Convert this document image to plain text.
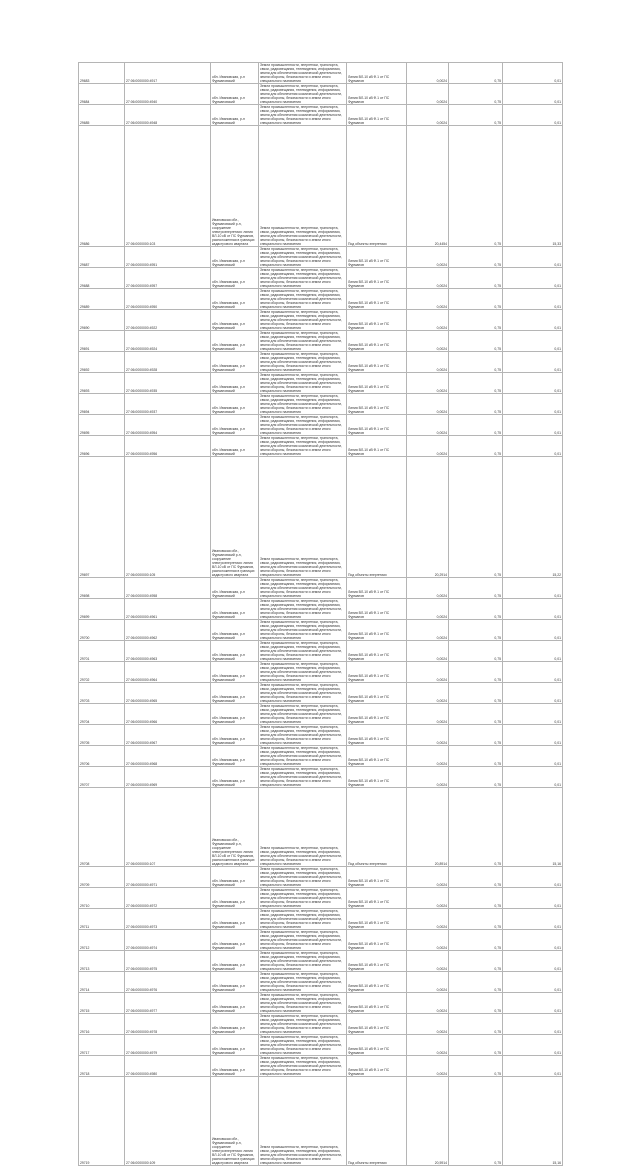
29683	27:06:0000000:4917	обл. Ивановская, р-н Фурмановский	Земли промышленности, энергетики, транспорта, связи, радиовещания, телевидения, информатики, земли для обеспечения космической деятельности, земли обороны, безопасности и земли иного специального назначения	Линия ВЛ-10 кВ Ф.1 от ПС Фурманов	0,0024	0,75	0,01
29684	27:06:0000000:4940	обл. Ивановская, р-н Фурмановский	Земли промышленности, энергетики, транспорта, связи, радиовещания, телевидения, информатики, земли для обеспечения космической деятельности, земли обороны, безопасности и земли иного специального назначения	Линия ВЛ-10 кВ Ф.1 от ПС Фурманов	0,0024	0,75	0,01
29685	27:06:0000000:4948	обл. Ивановская, р-н Фурмановский	Земли промышленности, энергетики, транспорта, связи, радиовещания, телевидения, информатики, земли для обеспечения космической деятельности, земли обороны, безопасности и земли иного специального назначения	Линия ВЛ-10 кВ Ф.1 от ПС Фурманов	0,0024	0,75	0,01
29686	27:06:0000000:103	Ивановская обл., Фурмановский р-н, сооружение электроэнергетики: линия ВЛ-10 кВ от ПС Фурманов, расположенная в границах кадастрового квартала	Земли промышленности, энергетики, транспорта, связи, радиовещания, телевидения, информатики, земли для обеспечения космической деятельности, земли обороны, безопасности и земли иного специального назначения	Под объекты энергетики	20,4454	0,75	15,33
29687	27:06:0000000:4951	обл. Ивановская, р-н Фурмановский	Земли промышленности, энергетики, транспорта, связи, радиовещания, телевидения, информатики, земли для обеспечения космической деятельности, земли обороны, безопасности и земли иного специального назначения	Линия ВЛ-10 кВ Ф.1 от ПС Фурманов	0,0024	0,75	0,01
29688	27:06:0000000:4957	обл. Ивановская, р-н Фурмановский	Земли промышленности, энергетики, транспорта, связи, радиовещания, телевидения, информатики, земли для обеспечения космической деятельности, земли обороны, безопасности и земли иного специального назначения	Линия ВЛ-10 кВ Ф.1 от ПС Фурманов	0,0024	0,75	0,01
29689	27:06:0000000:4950	обл. Ивановская, р-н Фурмановский	Земли промышленности, энергетики, транспорта, связи, радиовещания, телевидения, информатики, земли для обеспечения космической деятельности, земли обороны, безопасности и земли иного специального назначения	Линия ВЛ-10 кВ Ф.1 от ПС Фурманов	0,0024	0,75	0,01
29690	27:06:0000000:4922	обл. Ивановская, р-н Фурмановский	Земли промышленности, энергетики, транспорта, связи, радиовещания, телевидения, информатики, земли для обеспечения космической деятельности, земли обороны, безопасности и земли иного специального назначения	Линия ВЛ-10 кВ Ф.1 от ПС Фурманов	0,0024	0,75	0,01
29691	27:06:0000000:4924	обл. Ивановская, р-н Фурмановский	Земли промышленности, энергетики, транспорта, связи, радиовещания, телевидения, информатики, земли для обеспечения космической деятельности, земли обороны, безопасности и земли иного специального назначения	Линия ВЛ-10 кВ Ф.1 от ПС Фурманов	0,0024	0,75	0,01
29692	27:06:0000000:4928	обл. Ивановская, р-н Фурмановский	Земли промышленности, энергетики, транспорта, связи, радиовещания, телевидения, информатики, земли для обеспечения космической деятельности, земли обороны, безопасности и земли иного специального назначения	Линия ВЛ-10 кВ Ф.1 от ПС Фурманов	0,0024	0,75	0,01
29693	27:06:0000000:4935	обл. Ивановская, р-н Фурмановский	Земли промышленности, энергетики, транспорта, связи, радиовещания, телевидения, информатики, земли для обеспечения космической деятельности, земли обороны, безопасности и земли иного специального назначения	Линия ВЛ-10 кВ Ф.1 от ПС Фурманов	0,0024	0,75	0,01
29694	27:06:0000000:4937	обл. Ивановская, р-н Фурмановский	Земли промышленности, энергетики, транспорта, связи, радиовещания, телевидения, информатики, земли для обеспечения космической деятельности, земли обороны, безопасности и земли иного специального назначения	Линия ВЛ-10 кВ Ф.1 от ПС Фурманов	0,0024	0,75	0,01
29695	27:06:0000000:4954	обл. Ивановская, р-н Фурмановский	Земли промышленности, энергетики, транспорта, связи, радиовещания, телевидения, информатики, земли для обеспечения космической деятельности, земли обороны, безопасности и земли иного специального назначения	Линия ВЛ-10 кВ Ф.1 от ПС Фурманов	0,0024	0,75	0,01
29696	27:06:0000000:4956	обл. Ивановская, р-н Фурмановский	Земли промышленности, энергетики, транспорта, связи, радиовещания, телевидения, информатики, земли для обеспечения космической деятельности, земли обороны, безопасности и земли иного специального назначения	Линия ВЛ-10 кВ Ф.1 от ПС Фурманов	0,0024	0,75	0,01
29697	27:06:0000000:105	Ивановская обл., Фурмановский р-н, сооружение электроэнергетики: линия ВЛ-10 кВ от ПС Фурманов, расположенная в границах кадастрового квартала	Земли промышленности, энергетики, транспорта, связи, радиовещания, телевидения, информатики, земли для обеспечения космической деятельности, земли обороны, безопасности и земли иного специального назначения	Под объекты энергетики	20,2914	0,75	15,22
29698	27:06:0000000:4958	обл. Ивановская, р-н Фурмановский	Земли промышленности, энергетики, транспорта, связи, радиовещания, телевидения, информатики, земли для обеспечения космической деятельности, земли обороны, безопасности и земли иного специального назначения	Линия ВЛ-10 кВ Ф.1 от ПС Фурманов	0,0024	0,75	0,01
29699	27:06:0000000:4961	обл. Ивановская, р-н Фурмановский	Земли промышленности, энергетики, транспорта, связи, радиовещания, телевидения, информатики, земли для обеспечения космической деятельности, земли обороны, безопасности и земли иного специального назначения	Линия ВЛ-10 кВ Ф.1 от ПС Фурманов	0,0024	0,75	0,01
29700	27:06:0000000:4962	обл. Ивановская, р-н Фурмановский	Земли промышленности, энергетики, транспорта, связи, радиовещания, телевидения, информатики, земли для обеспечения космической деятельности, земли обороны, безопасности и земли иного специального назначения	Линия ВЛ-10 кВ Ф.1 от ПС Фурманов	0,0024	0,75	0,01
29701	27:06:0000000:4963	обл. Ивановская, р-н Фурмановский	Земли промышленности, энергетики, транспорта, связи, радиовещания, телевидения, информатики, земли для обеспечения космической деятельности, земли обороны, безопасности и земли иного специального назначения	Линия ВЛ-10 кВ Ф.1 от ПС Фурманов	0,0024	0,75	0,01
29702	27:06:0000000:4964	обл. Ивановская, р-н Фурмановский	Земли промышленности, энергетики, транспорта, связи, радиовещания, телевидения, информатики, земли для обеспечения космической деятельности, земли обороны, безопасности и земли иного специального назначения	Линия ВЛ-10 кВ Ф.1 от ПС Фурманов	0,0024	0,75	0,01
29703	27:06:0000000:4965	обл. Ивановская, р-н Фурмановский	Земли промышленности, энергетики, транспорта, связи, радиовещания, телевидения, информатики, земли для обеспечения космической деятельности, земли обороны, безопасности и земли иного специального назначения	Линия ВЛ-10 кВ Ф.1 от ПС Фурманов	0,0024	0,75	0,01
29704	27:06:0000000:4966	обл. Ивановская, р-н Фурмановский	Земли промышленности, энергетики, транспорта, связи, радиовещания, телевидения, информатики, земли для обеспечения космической деятельности, земли обороны, безопасности и земли иного специального назначения	Линия ВЛ-10 кВ Ф.1 от ПС Фурманов	0,0024	0,75	0,01
29705	27:06:0000000:4967	обл. Ивановская, р-н Фурмановский	Земли промышленности, энергетики, транспорта, связи, радиовещания, телевидения, информатики, земли для обеспечения космической деятельности, земли обороны, безопасности и земли иного специального назначения	Линия ВЛ-10 кВ Ф.1 от ПС Фурманов	0,0024	0,75	0,01
29706	27:06:0000000:4968	обл. Ивановская, р-н Фурмановский	Земли промышленности, энергетики, транспорта, связи, радиовещания, телевидения, информатики, земли для обеспечения космической деятельности, земли обороны, безопасности и земли иного специального назначения	Линия ВЛ-10 кВ Ф.1 от ПС Фурманов	0,0024	0,75	0,01
29707	27:06:0000000:4969	обл. Ивановская, р-н Фурмановский	Земли промышленности, энергетики, транспорта, связи, радиовещания, телевидения, информатики, земли для обеспечения космической деятельности, земли обороны, безопасности и земли иного специального назначения	Линия ВЛ-10 кВ Ф.1 от ПС Фурманов	0,0024	0,75	0,01
29708	27:06:0000000:107	Ивановская обл., Фурмановский р-н, сооружение электроэнергетики: линия ВЛ-10 кВ от ПС Фурманов, расположенная в границах кадастрового квартала	Земли промышленности, энергетики, транспорта, связи, радиовещания, телевидения, информатики, земли для обеспечения космической деятельности, земли обороны, безопасности и земли иного специального назначения	Под объекты энергетики	20,8914	0,75	15,16
29709	27:06:0000000:4971	обл. Ивановская, р-н Фурмановский	Земли промышленности, энергетики, транспорта, связи, радиовещания, телевидения, информатики, земли для обеспечения космической деятельности, земли обороны, безопасности и земли иного специального назначения	Линия ВЛ-10 кВ Ф.1 от ПС Фурманов	0,0024	0,75	0,01
29710	27:06:0000000:4972	обл. Ивановская, р-н Фурмановский	Земли промышленности, энергетики, транспорта, связи, радиовещания, телевидения, информатики, земли для обеспечения космической деятельности, земли обороны, безопасности и земли иного специального назначения	Линия ВЛ-10 кВ Ф.1 от ПС Фурманов	0,0024	0,75	0,01
29711	27:06:0000000:4973	обл. Ивановская, р-н Фурмановский	Земли промышленности, энергетики, транспорта, связи, радиовещания, телевидения, информатики, земли для обеспечения космической деятельности, земли обороны, безопасности и земли иного специального назначения	Линия ВЛ-10 кВ Ф.1 от ПС Фурманов	0,0024	0,75	0,01
29712	27:06:0000000:4974	обл. Ивановская, р-н Фурмановский	Земли промышленности, энергетики, транспорта, связи, радиовещания, телевидения, информатики, земли для обеспечения космической деятельности, земли обороны, безопасности и земли иного специального назначения	Линия ВЛ-10 кВ Ф.1 от ПС Фурманов	0,0024	0,75	0,01
29713	27:06:0000000:4975	обл. Ивановская, р-н Фурмановский	Земли промышленности, энергетики, транспорта, связи, радиовещания, телевидения, информатики, земли для обеспечения космической деятельности, земли обороны, безопасности и земли иного специального назначения	Линия ВЛ-10 кВ Ф.1 от ПС Фурманов	0,0024	0,75	0,01
29714	27:06:0000000:4976	обл. Ивановская, р-н Фурмановский	Земли промышленности, энергетики, транспорта, связи, радиовещания, телевидения, информатики, земли для обеспечения космической деятельности, земли обороны, безопасности и земли иного специального назначения	Линия ВЛ-10 кВ Ф.1 от ПС Фурманов	0,0024	0,75	0,01
29715	27:06:0000000:4977	обл. Ивановская, р-н Фурмановский	Земли промышленности, энергетики, транспорта, связи, радиовещания, телевидения, информатики, земли для обеспечения космической деятельности, земли обороны, безопасности и земли иного специального назначения	Линия ВЛ-10 кВ Ф.1 от ПС Фурманов	0,0024	0,75	0,01
29716	27:06:0000000:4978	обл. Ивановская, р-н Фурмановский	Земли промышленности, энергетики, транспорта, связи, радиовещания, телевидения, информатики, земли для обеспечения космической деятельности, земли обороны, безопасности и земли иного специального назначения	Линия ВЛ-10 кВ Ф.1 от ПС Фурманов	0,0024	0,75	0,01
29717	27:06:0000000:4979	обл. Ивановская, р-н Фурмановский	Земли промышленности, энергетики, транспорта, связи, радиовещания, телевидения, информатики, земли для обеспечения космической деятельности, земли обороны, безопасности и земли иного специального назначения	Линия ВЛ-10 кВ Ф.1 от ПС Фурманов	0,0024	0,75	0,01
29718	27:06:0000000:4980	обл. Ивановская, р-н Фурмановский	Земли промышленности, энергетики, транспорта, связи, радиовещания, телевидения, информатики, земли для обеспечения космической деятельности, земли обороны, безопасности и земли иного специального назначения	Линия ВЛ-10 кВ Ф.1 от ПС Фурманов	0,0024	0,75	0,01
29719	27:06:0000000:109	Ивановская обл., Фурмановский р-н, сооружение электроэнергетики: линия ВЛ-10 кВ от ПС Фурманов, расположенная в границах кадастрового квартала	Земли промышленности, энергетики, транспорта, связи, радиовещания, телевидения, информатики, земли для обеспечения космической деятельности, земли обороны, безопасности и земли иного специального назначения	Под объекты энергетики	20,5914	0,75	15,16
